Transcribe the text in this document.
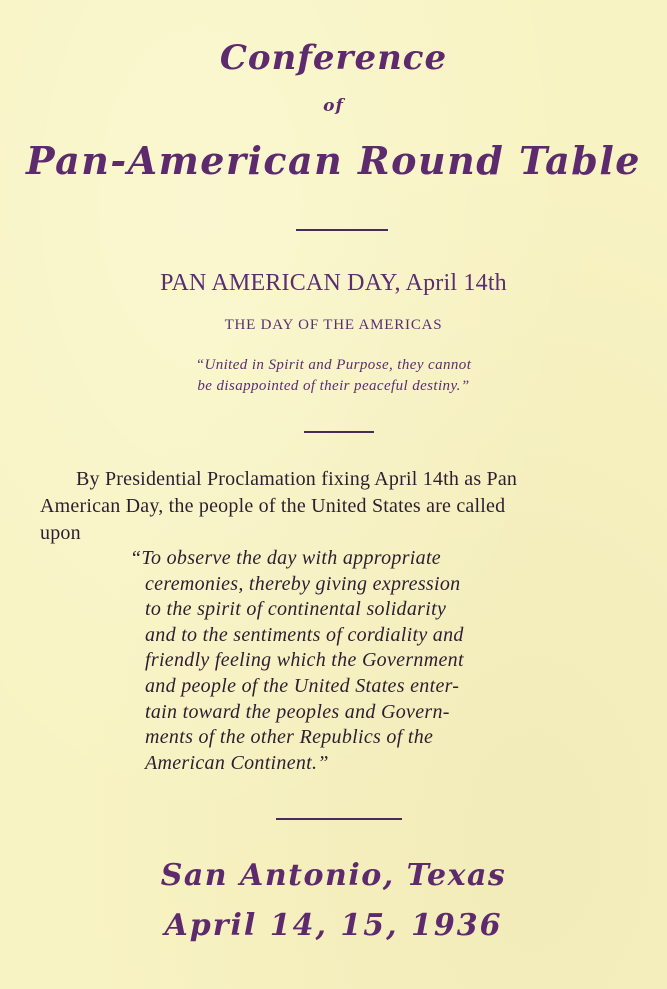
Conference
of
Pan-American Round Table
PAN AMERICAN DAY, April 14th
THE DAY OF THE AMERICAS
“United in Spirit and Purpose, they cannot
be disappointed of their peaceful destiny.”
By Presidential Proclamation fixing April 14th as Pan
American Day, the people of the United States are called
upon
“To observe the day with appropriate
ceremonies, thereby giving expression
to the spirit of continental solidarity
and to the sentiments of cordiality and
friendly feeling which the Government
and people of the United States enter-
tain toward the peoples and Govern-
ments of the other Republics of the
American Continent.”
San Antonio, Texas
April 14, 15, 1936
